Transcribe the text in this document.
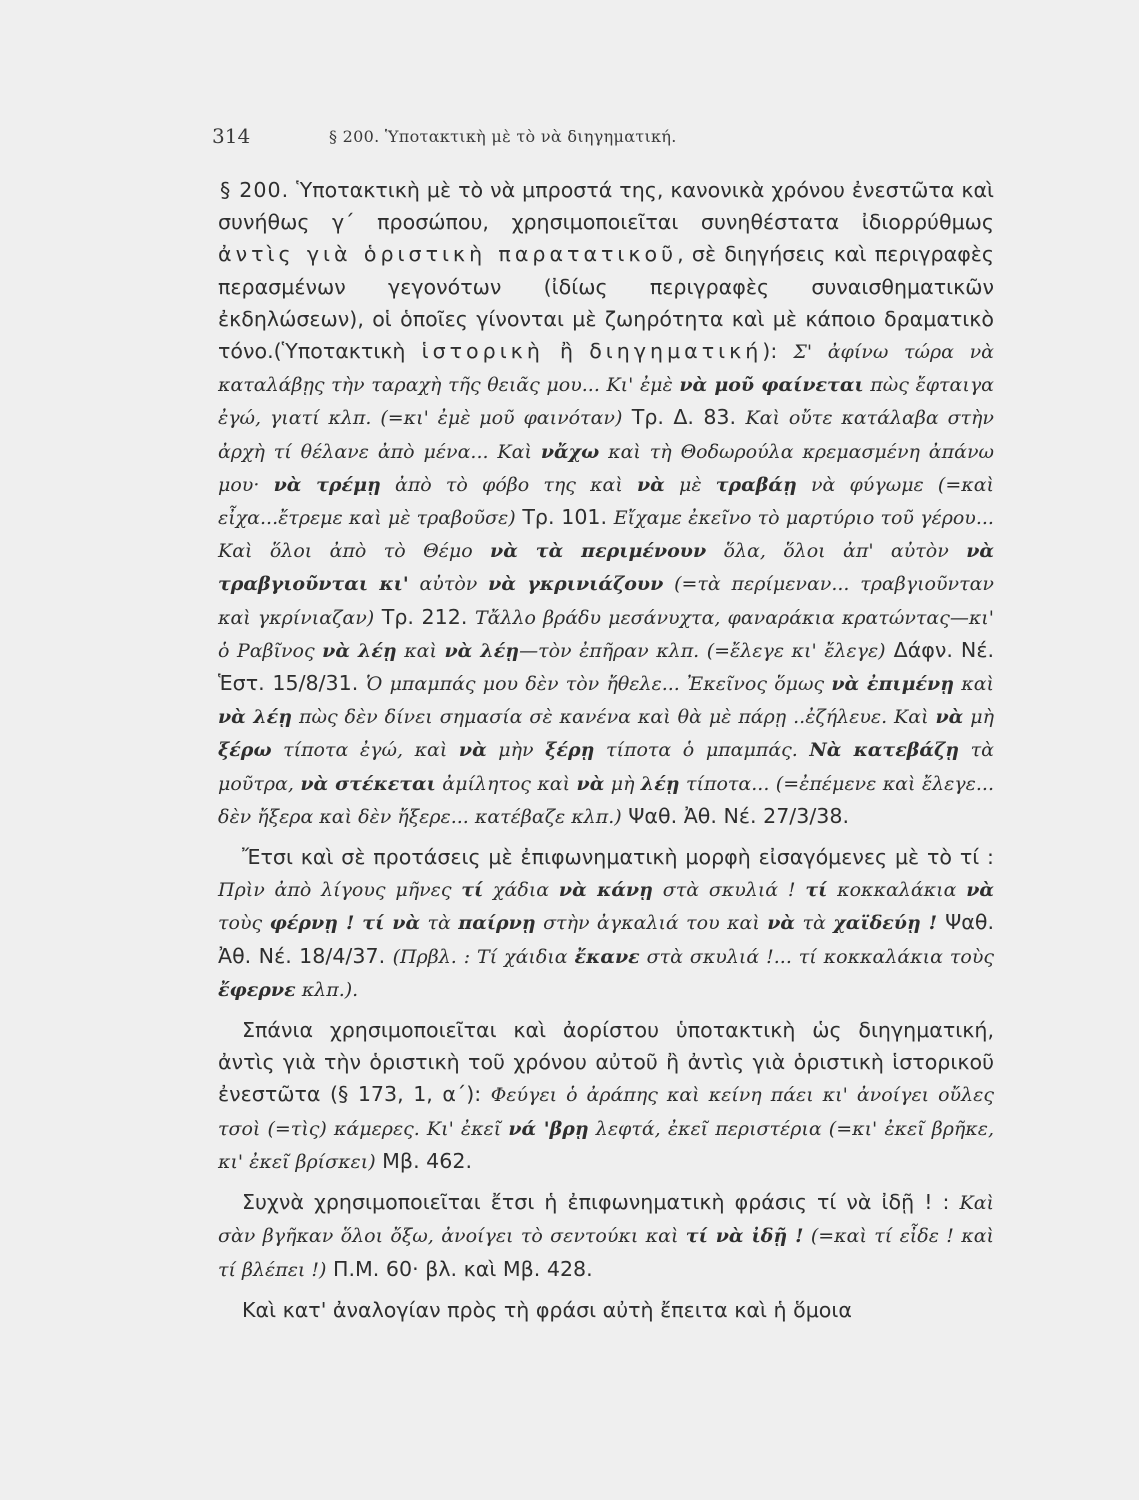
314	§ 200. Ὑποτακτικὴ μὲ τὸ νὰ διηγηματική.

§ 200. Ὑποτακτικὴ μὲ τὸ νὰ μπροστά της, κανονικὰ χρόνου ἐνεστῶτα καὶ συνήθως γ΄ προσώπου, χρησιμοποιεῖται συνηθέστατα ἰδιορρύθμως ἀντὶς γιὰ ὁριστικὴ παρατατικοῦ, σὲ διηγήσεις καὶ περιγραφὲς περασμένων γεγονότων (ἰδίως περιγραφὲς συναισθηματικῶν ἐκδηλώσεων), οἱ ὁποῖες γίνονται μὲ ζωηρότητα καὶ μὲ κάποιο δραματικὸ τόνο.(Ὑποτακτικὴ ἱστορικὴ ἢ διηγηματική): Σ' ἀφίνω τώρα νὰ καταλάβῃς τὴν ταραχὴ τῆς θειᾶς μου... Κι' ἐμὲ νὰ μοῦ φαίνεται πὼς ἔφταιγα ἐγώ, γιατί κλπ. (=κι' ἐμὲ μοῦ φαινόταν) Τρ. Δ. 83. Καὶ οὔτε κατάλαβα στὴν ἀρχὴ τί θέλανε ἀπὸ μένα... Καὶ νἄχω καὶ τὴ Θοδωρούλα κρεμασμένη ἀπάνω μου· νὰ τρέμῃ ἀπὸ τὸ φόβο της καὶ νὰ μὲ τραβάῃ νὰ φύγωμε (=καὶ εἶχα...ἔτρεμε καὶ μὲ τραβοῦσε) Τρ. 101. Εἴχαμε ἐκεῖνο τὸ μαρτύριο τοῦ γέρου... Καὶ ὅλοι ἀπὸ τὸ Θέμο νὰ τὰ περιμένουν ὅλα, ὅλοι ἀπ' αὐτὸν νὰ τραβγιοῦνται κι' αὐτὸν νὰ γκρινιάζουν (=τὰ περίμεναν... τραβγιοῦνταν καὶ γκρίνιαζαν) Τρ. 212. Τἄλλο βράδυ μεσάνυχτα, φαναράκια κρατώντας—κι' ὁ Ραβῖνος νὰ λέῃ καὶ νὰ λέῃ—τὸν ἐπῆραν κλπ. (=ἔλεγε κι' ἔλεγε) Δάφν. Νέ. Ἑστ. 15/8/31. Ὁ μπαμπάς μου δὲν τὸν ἤθελε... Ἐκεῖνος ὅμως νὰ ἐπιμένῃ καὶ νὰ λέῃ πὼς δὲν δίνει σημασία σὲ κανένα καὶ θὰ μὲ πάρῃ ..ἐζήλευε. Καὶ νὰ μὴ ξέρω τίποτα ἐγώ, καὶ νὰ μὴν ξέρῃ τίποτα ὁ μπαμπάς. Νὰ κατεβάζῃ τὰ μοῦτρα, νὰ στέκεται ἀμίλητος καὶ νὰ μὴ λέῃ τίποτα... (=ἐπέμενε καὶ ἔλεγε... δὲν ἤξερα καὶ δὲν ἤξερε... κατέβαζε κλπ.) Ψαθ. Ἀθ. Νέ. 27/3/38.

Ἔτσι καὶ σὲ προτάσεις μὲ ἐπιφωνηματικὴ μορφὴ εἰσαγόμενες μὲ τὸ τί : Πρὶν ἀπὸ λίγους μῆνες τί χάδια νὰ κάνῃ στὰ σκυλιά ! τί κοκκαλάκια νὰ τοὺς φέρνῃ ! τί νὰ τὰ παίρνῃ στὴν ἀγκαλιά του καὶ νὰ τὰ χαϊδεύῃ ! Ψαθ. Ἀθ. Νέ. 18/4/37. (Πρβλ. : Τί χάιδια ἔκανε στὰ σκυλιά !... τί κοκκαλάκια τοὺς ἔφερνε κλπ.).

Σπάνια χρησιμοποιεῖται καὶ ἀορίστου ὑποτακτικὴ ὡς διηγηματική, ἀντὶς γιὰ τὴν ὁριστικὴ τοῦ χρόνου αὐτοῦ ἢ ἀντὶς γιὰ ὁριστικὴ ἱστορικοῦ ἐνεστῶτα (§ 173, 1, α΄): Φεύγει ὁ ἀράπης καὶ κείνη πάει κι' ἀνοίγει οὔλες τσοὶ (=τὶς) κάμερες. Κι' ἐκεῖ νά 'βρῃ λεφτά, ἐκεῖ περιστέρια (=κι' ἐκεῖ βρῆκε, κι' ἐκεῖ βρίσκει) Μβ. 462.

Συχνὰ χρησιμοποιεῖται ἔτσι ἡ ἐπιφωνηματικὴ φράσις τί νὰ ἰδῇ ! : Καὶ σὰν βγῆκαν ὅλοι ὄξω, ἀνοίγει τὸ σεντούκι καὶ τί νὰ ἰδῇ ! (=καὶ τί εἶδε ! καὶ τί βλέπει !) Π.Μ. 60· βλ. καὶ Μβ. 428.

Καὶ κατ' ἀναλογίαν πρὸς τὴ φράσι αὐτὴ ἔπειτα καὶ ἡ ὅμοια
